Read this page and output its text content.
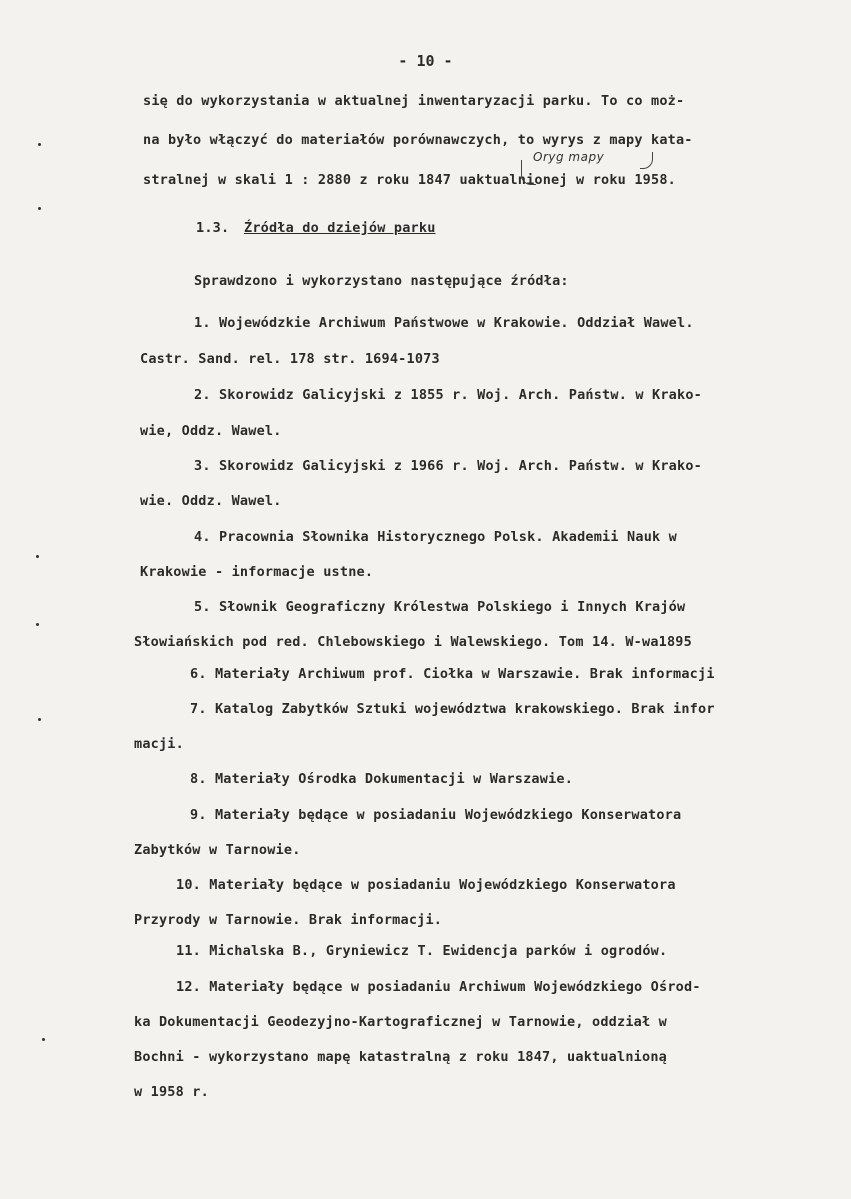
- 10 -
się do wykorzystania w aktualnej inwentaryzacji parku. To co moż-
na było włączyć do materiałów porównawczych, to wyrys z mapy kata-
stralnej w skali 1 : 2880 z roku 1847 uaktualnionej w roku 1958.
Oryg mapy
1.3. Źródła do dziejów parku
Sprawdzono i wykorzystano następujące źródła:
1. Wojewódzkie Archiwum Państwowe w Krakowie. Oddział Wawel.
Castr. Sand. rel. 178 str. 1694-1073
2. Skorowidz Galicyjski z 1855 r. Woj. Arch. Państw. w Krako-
wie, Oddz. Wawel.
3. Skorowidz Galicyjski z 1966 r. Woj. Arch. Państw. w Krako-
wie. Oddz. Wawel.
4. Pracownia Słownika Historycznego Polsk. Akademii Nauk w
Krakowie - informacje ustne.
5. Słownik Geograficzny Królestwa Polskiego i Innych Krajów
Słowiańskich pod red. Chlebowskiego i Walewskiego. Tom 14. W-wa1895
6. Materiały Archiwum prof. Ciołka w Warszawie. Brak informacji
7. Katalog Zabytków Sztuki województwa krakowskiego. Brak infor
macji.
8. Materiały Ośrodka Dokumentacji w Warszawie.
9. Materiały będące w posiadaniu Wojewódzkiego Konserwatora
Zabytków w Tarnowie.
10. Materiały będące w posiadaniu Wojewódzkiego Konserwatora
Przyrody w Tarnowie. Brak informacji.
11. Michalska B., Gryniewicz T. Ewidencja parków i ogrodów.
12. Materiały będące w posiadaniu Archiwum Wojewódzkiego Ośrod-
ka Dokumentacji Geodezyjno-Kartograficznej w Tarnowie, oddział w
Bochni - wykorzystano mapę katastralną z roku 1847, uaktualnioną
w 1958 r.
